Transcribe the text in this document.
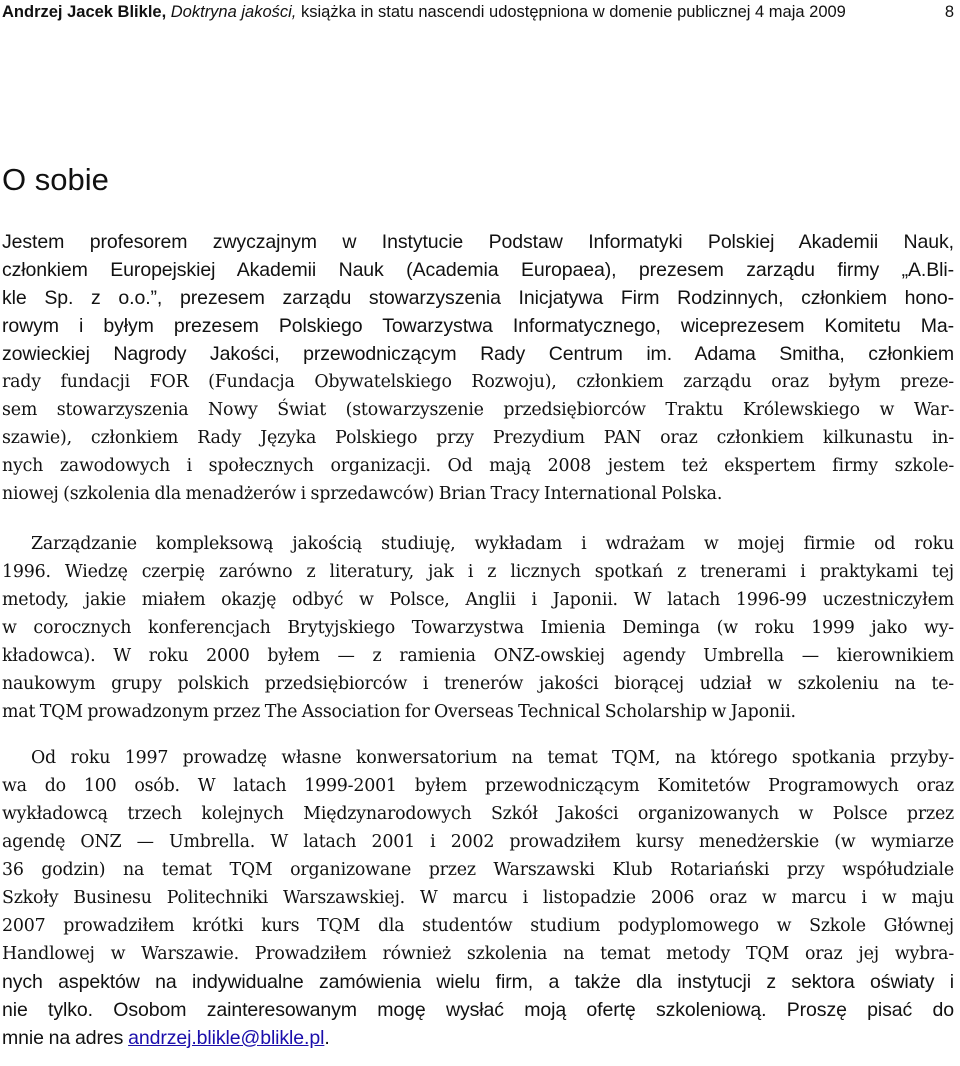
Andrzej Jacek Blikle, Doktryna jakości, książka in statu nascendi udostępniona w domenie publicznej 4 maja 2009	8
O sobie
Jestem profesorem zwyczajnym w Instytucie Podstaw Informatyki Polskiej Akademii Nauk,
członkiem Europejskiej Akademii Nauk (Academia Europaea), prezesem zarządu firmy „A.Bli-
kle Sp. z o.o.”, prezesem zarządu stowarzyszenia Inicjatywa Firm Rodzinnych, członkiem hono-
rowym i byłym prezesem Polskiego Towarzystwa Informatycznego, wiceprezesem Komitetu Ma-
zowieckiej Nagrody Jakości, przewodniczącym Rady Centrum im. Adama Smitha, członkiem
rady fundacji FOR (Fundacja Obywatelskiego Rozwoju), członkiem zarządu oraz byłym preze-
sem stowarzyszenia Nowy Świat (stowarzyszenie przedsiębiorców Traktu Królewskiego w War-
szawie), członkiem Rady Języka Polskiego przy Prezydium PAN oraz członkiem kilkunastu in-
nych zawodowych i społecznych organizacji. Od mają 2008 jestem też ekspertem firmy szkole-
niowej (szkolenia dla menadżerów i sprzedawców) Brian Tracy International Polska.
Zarządzanie kompleksową jakością studiuję, wykładam i wdrażam w mojej firmie od roku
1996. Wiedzę czerpię zarówno z literatury, jak i z licznych spotkań z trenerami i praktykami tej
metody, jakie miałem okazję odbyć w Polsce, Anglii i Japonii. W latach 1996-99 uczestniczyłem
w corocznych konferencjach Brytyjskiego Towarzystwa Imienia Deminga (w roku 1999 jako wy-
kładowca). W roku 2000 byłem — z ramienia ONZ-owskiej agendy Umbrella — kierownikiem
naukowym grupy polskich przedsiębiorców i trenerów jakości biorącej udział w szkoleniu na te-
mat TQM prowadzonym przez The Association for Overseas Technical Scholarship w Japonii.
Od roku 1997 prowadzę własne konwersatorium na temat TQM, na którego spotkania przyby-
wa do 100 osób. W latach 1999-2001 byłem przewodniczącym Komitetów Programowych oraz
wykładowcą trzech kolejnych Międzynarodowych Szkół Jakości organizowanych w Polsce przez
agendę ONZ — Umbrella. W latach 2001 i 2002 prowadziłem kursy menedżerskie (w wymiarze
36 godzin) na temat TQM organizowane przez Warszawski Klub Rotariański przy współudziale
Szkoły Businesu Politechniki Warszawskiej. W marcu i listopadzie 2006 oraz w marcu i w maju
2007 prowadziłem krótki kurs TQM dla studentów studium podyplomowego w Szkole Głównej
Handlowej w Warszawie. Prowadziłem również szkolenia na temat metody TQM oraz jej wybra-
nych aspektów na indywidualne zamówienia wielu firm, a także dla instytucji z sektora oświaty i
nie tylko. Osobom zainteresowanym mogę wysłać moją ofertę szkoleniową. Proszę pisać do
mnie na adres andrzej.blikle@blikle.pl.
